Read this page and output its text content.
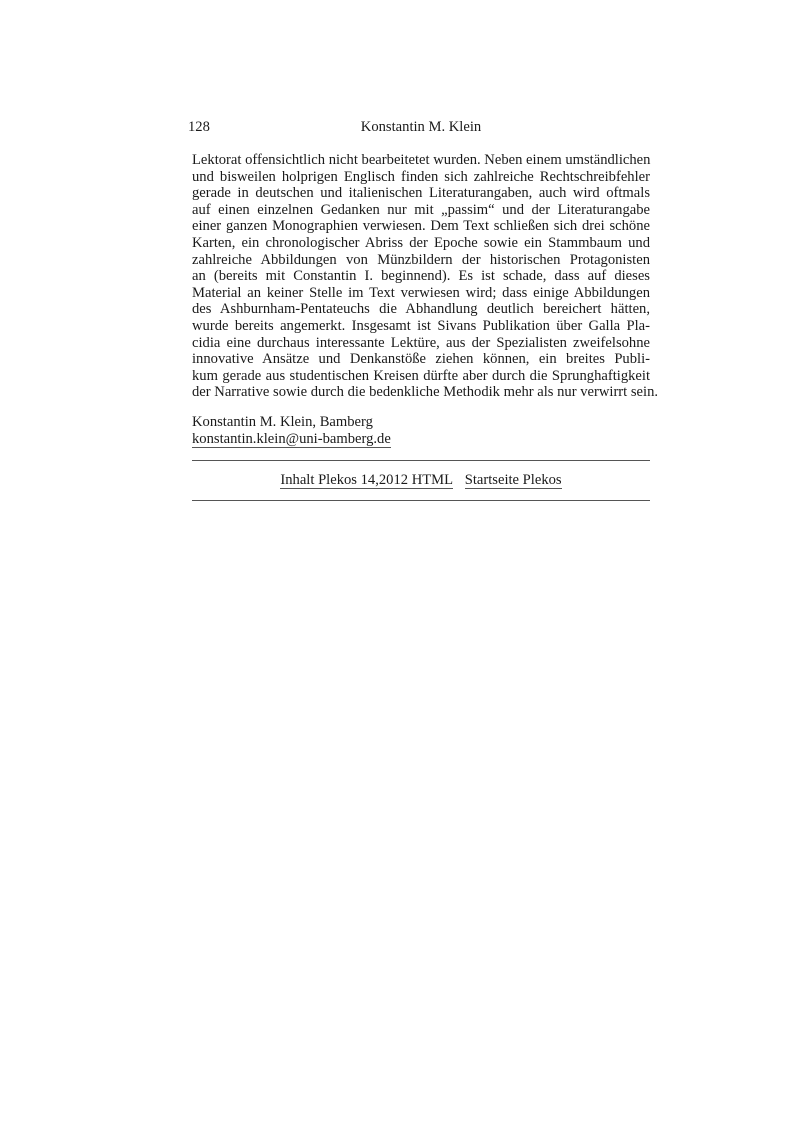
128	Konstantin M. Klein
Lektorat offensichtlich nicht bearbeitetet wurden. Neben einem umständlichen
und bisweilen holprigen Englisch finden sich zahlreiche Rechtschreibfehler
gerade in deutschen und italienischen Literaturangaben, auch wird oftmals
auf einen einzelnen Gedanken nur mit „passim“ und der Literaturangabe
einer ganzen Monographien verwiesen. Dem Text schließen sich drei schöne
Karten, ein chronologischer Abriss der Epoche sowie ein Stammbaum und
zahlreiche Abbildungen von Münzbildern der historischen Protagonisten
an (bereits mit Constantin I. beginnend). Es ist schade, dass auf dieses
Material an keiner Stelle im Text verwiesen wird; dass einige Abbildungen
des Ashburnham-Pentateuchs die Abhandlung deutlich bereichert hätten,
wurde bereits angemerkt. Insgesamt ist Sivans Publikation über Galla Pla-
cidia eine durchaus interessante Lektüre, aus der Spezialisten zweifelsohne
innovative Ansätze und Denkanstöße ziehen können, ein breites Publi-
kum gerade aus studentischen Kreisen dürfte aber durch die Sprunghaftigkeit
der Narrative sowie durch die bedenkliche Methodik mehr als nur verwirrt sein.
Konstantin M. Klein, Bamberg
konstantin.klein@uni-bamberg.de
Inhalt Plekos 14,2012 HTML Startseite Plekos
